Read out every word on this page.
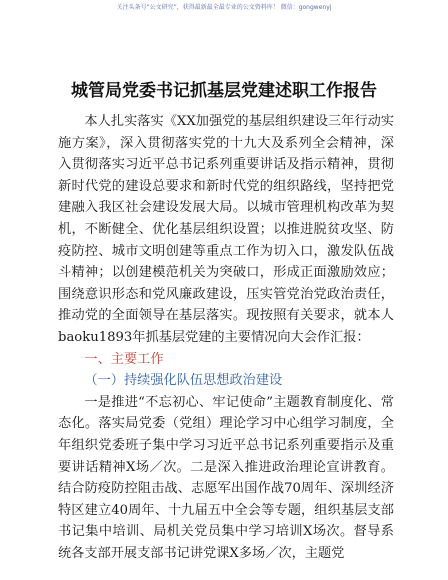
关注头条号“公文研究”，获得最新最全最专业的公文资料库！ 微信：gongwenyj
城管局党委书记抓基层党建述职工作报告

本人扎实落实《XX加强党的基层组织建设三年行动实施方案》，深入贯彻落实党的十九大及系列全会精神，深入贯彻落实习近平总书记系列重要讲话及指示精神，贯彻新时代党的建设总要求和新时代党的组织路线，坚持把党建融入我区社会建设发展大局。以城市管理机构改革为契机，不断健全、优化基层组织设置；以推进脱贫攻坚、防疫防控、城市文明创建等重点工作为切入口，激发队伍战斗精神；以创建模范机关为突破口，形成正面激励效应；围绕意识形态和党风廉政建设，压实管党治党政治责任，推动党的全面领导在基层落实。现按照有关要求，就本人baoku1893年抓基层党建的主要情况向大会作汇报：

一、主要工作

（一）持续强化队伍思想政治建设

一是推进“不忘初心、牢记使命”主题教育制度化、常态化。落实局党委（党组）理论学习中心组学习制度，全年组织党委班子集中学习习近平总书记系列重要指示及重要讲话精神X场／次。二是深入推进政治理论宣讲教育。结合防疫防控阻击战、志愿军出国作战70周年、深圳经济特区建立40周年、十九届五中全会等专题，组织基层支部书记集中培训、局机关党员集中学习培训X场次。督导系统各支部开展支部书记讲党课X多场／次，主题党
